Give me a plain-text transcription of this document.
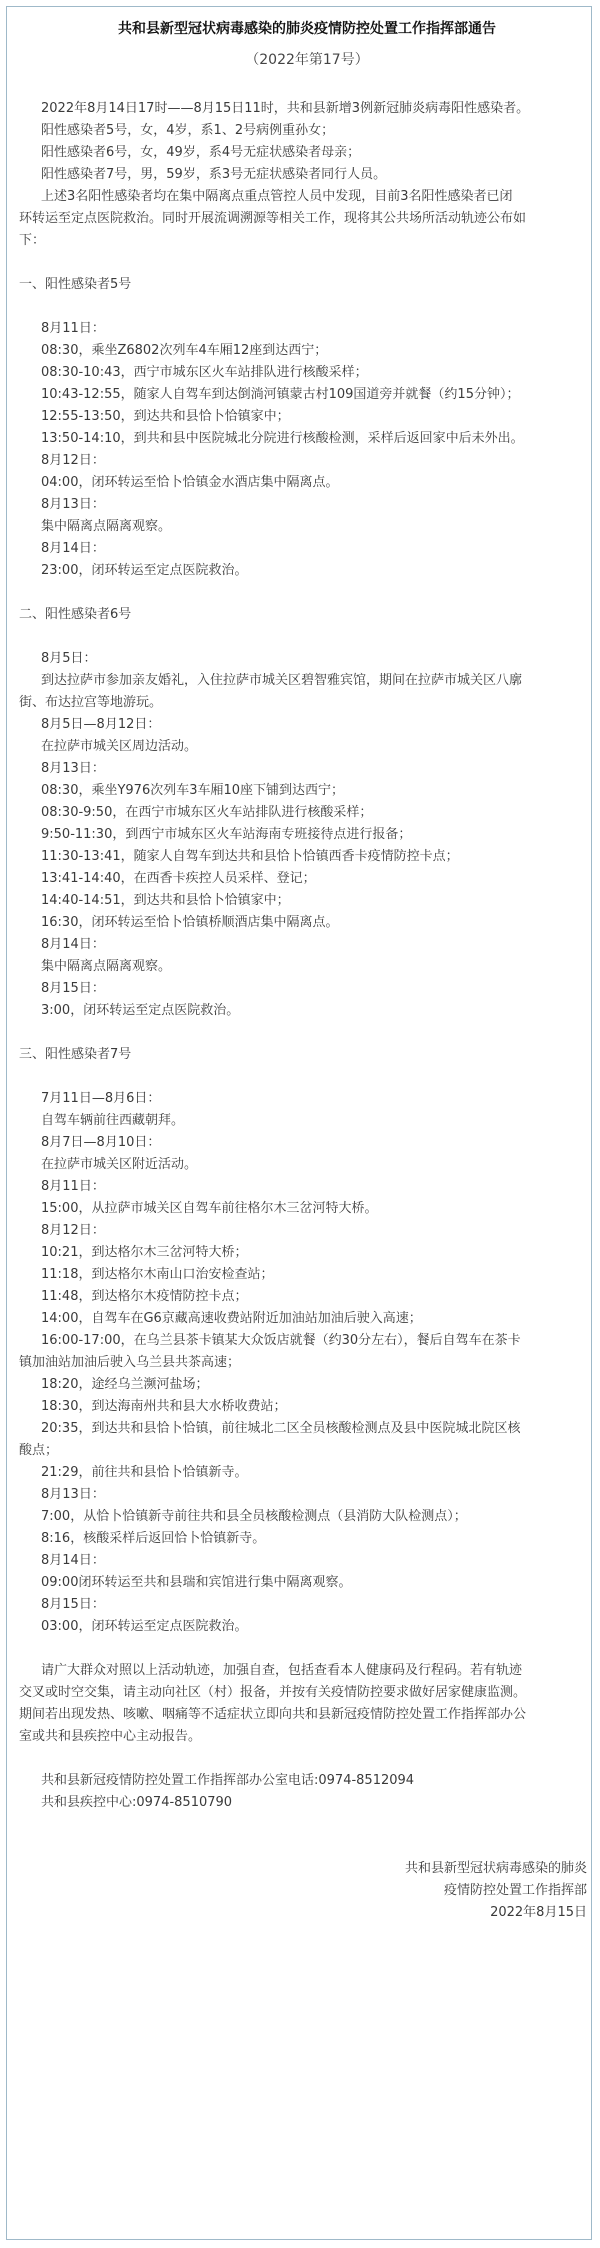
共和县新型冠状病毒感染的肺炎疫情防控处置工作指挥部通告
（2022年第17号）
2022年8月14日17时——8月15日11时，共和县新增3例新冠肺炎病毒阳性感染者。
阳性感染者5号，女，4岁，系1、2号病例重孙女；
阳性感染者6号，女，49岁，系4号无症状感染者母亲；
阳性感染者7号，男，59岁，系3号无症状感染者同行人员。
上述3名阳性感染者均在集中隔离点重点管控人员中发现，目前3名阳性感染者已闭
环转运至定点医院救治。同时开展流调溯源等相关工作，现将其公共场所活动轨迹公布如
下：
一、阳性感染者5号
8月11日：
08:30，乘坐Z6802次列车4车厢12座到达西宁；
08:30-10:43，西宁市城东区火车站排队进行核酸采样；
10:43-12:55，随家人自驾车到达倒淌河镇蒙古村109国道旁并就餐（约15分钟）；
12:55-13:50，到达共和县恰卜恰镇家中；
13:50-14:10，到共和县中医院城北分院进行核酸检测，采样后返回家中后未外出。
8月12日：
04:00，闭环转运至恰卜恰镇金水酒店集中隔离点。
8月13日：
集中隔离点隔离观察。
8月14日：
23:00，闭环转运至定点医院救治。
二、阳性感染者6号
8月5日：
到达拉萨市参加亲友婚礼，入住拉萨市城关区碧智雅宾馆，期间在拉萨市城关区八廓
街、布达拉宫等地游玩。
8月5日—8月12日：
在拉萨市城关区周边活动。
8月13日：
08:30，乘坐Y976次列车3车厢10座下铺到达西宁；
08:30-9:50，在西宁市城东区火车站排队进行核酸采样；
9:50-11:30，到西宁市城东区火车站海南专班接待点进行报备；
11:30-13:41，随家人自驾车到达共和县恰卜恰镇西香卡疫情防控卡点；
13:41-14:40，在西香卡疾控人员采样、登记；
14:40-14:51，到达共和县恰卜恰镇家中；
16:30，闭环转运至恰卜恰镇桥顺酒店集中隔离点。
8月14日：
集中隔离点隔离观察。
8月15日：
3:00，闭环转运至定点医院救治。
三、阳性感染者7号
7月11日—8月6日：
自驾车辆前往西藏朝拜。
8月7日—8月10日：
在拉萨市城关区附近活动。
8月11日：
15:00，从拉萨市城关区自驾车前往格尔木三岔河特大桥。
8月12日：
10:21，到达格尔木三岔河特大桥；
11:18，到达格尔木南山口治安检查站；
11:48，到达格尔木疫情防控卡点；
14:00，自驾车在G6京藏高速收费站附近加油站加油后驶入高速；
16:00-17:00，在乌兰县茶卡镇某大众饭店就餐（约30分左右），餐后自驾车在茶卡
镇加油站加油后驶入乌兰县共茶高速；
18:20，途经乌兰濒河盐场；
18:30，到达海南州共和县大水桥收费站；
20:35，到达共和县恰卜恰镇，前往城北二区全员核酸检测点及县中医院城北院区核
酸点；
21:29，前往共和县恰卜恰镇新寺。
8月13日：
7:00，从恰卜恰镇新寺前往共和县全员核酸检测点（县消防大队检测点）；
8:16，核酸采样后返回恰卜恰镇新寺。
8月14日：
09:00闭环转运至共和县瑞和宾馆进行集中隔离观察。
8月15日：
03:00，闭环转运至定点医院救治。
请广大群众对照以上活动轨迹，加强自查，包括查看本人健康码及行程码。若有轨迹
交叉或时空交集，请主动向社区（村）报备，并按有关疫情防控要求做好居家健康监测。
期间若出现发热、咳嗽、咽痛等不适症状立即向共和县新冠疫情防控处置工作指挥部办公
室或共和县疾控中心主动报告。
共和县新冠疫情防控处置工作指挥部办公室电话:0974-8512094
共和县疾控中心:0974-8510790
共和县新型冠状病毒感染的肺炎
疫情防控处置工作指挥部
2022年8月15日
